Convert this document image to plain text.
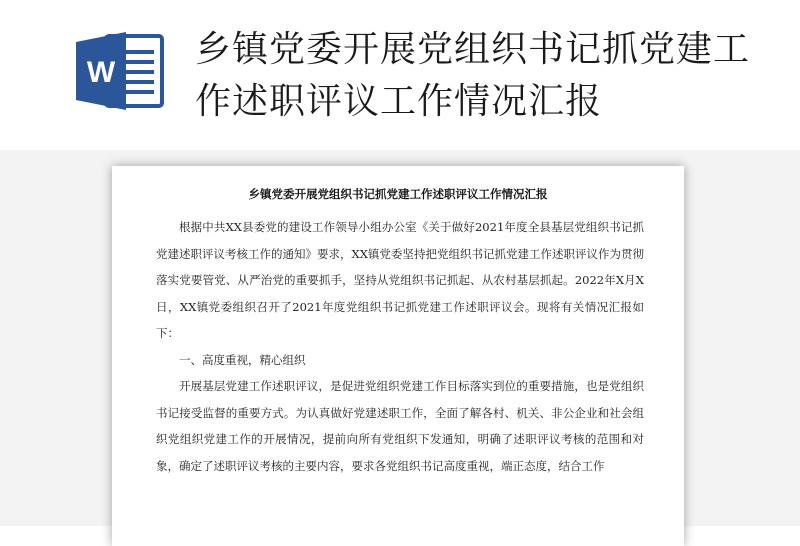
W
乡镇党委开展党组织书记抓党建工作述职评议工作情况汇报
乡镇党委开展党组织书记抓党建工作述职评议工作情况汇报

根据中共XX县委党的建设工作领导小组办公室《关于做好2021年度全县基层党组织书记抓党建述职评议考核工作的通知》要求，XX镇党委坚持把党组织书记抓党建工作述职评议作为贯彻落实党要管党、从严治党的重要抓手，坚持从党组织书记抓起、从农村基层抓起。2022年X月X日，XX镇党委组织召开了2021年度党组织书记抓党建工作述职评议会。现将有关情况汇报如下：

一、高度重视，精心组织

开展基层党建工作述职评议，是促进党组织党建工作目标落实到位的重要措施，也是党组织书记接受监督的重要方式。为认真做好党建述职工作，全面了解各村、机关、非公企业和社会组织党组织党建工作的开展情况，提前向所有党组织下发通知，明确了述职评议考核的范围和对象，确定了述职评议考核的主要内容，要求各党组织书记高度重视，端正态度，结合工作
